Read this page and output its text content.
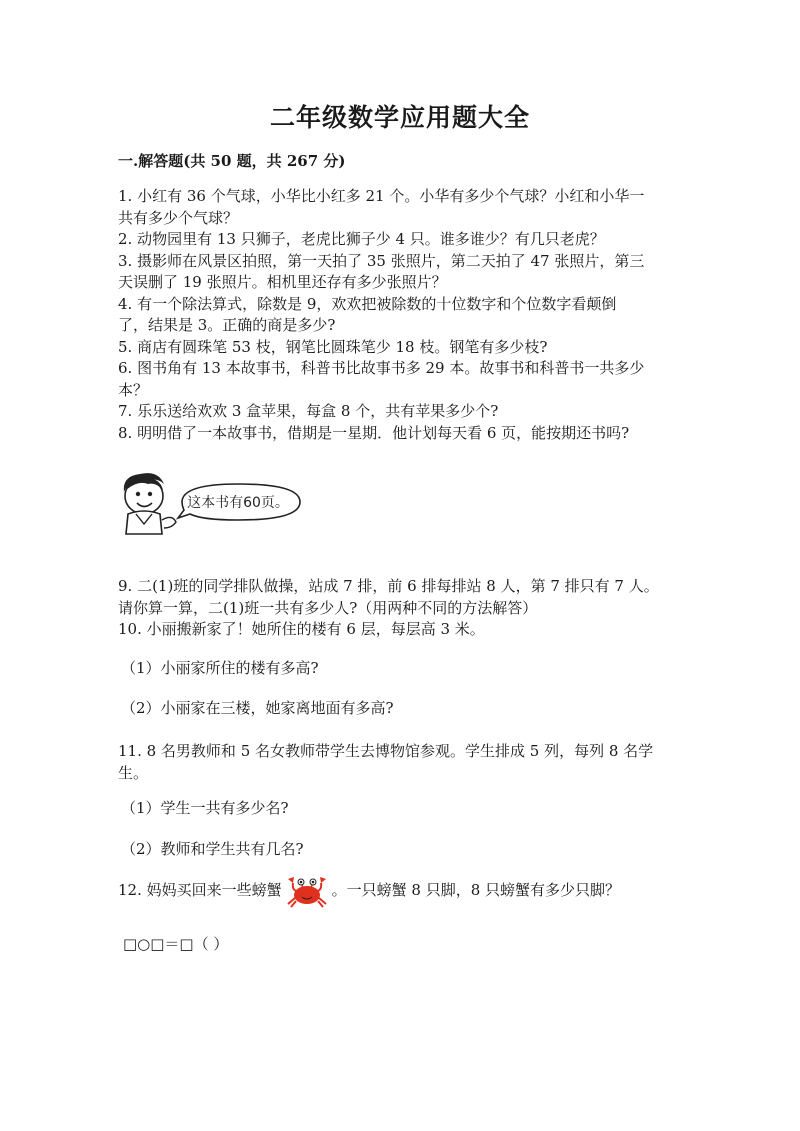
二年级数学应用题大全
一.解答题(共 50 题，共 267 分)
1. 小红有 36 个气球，小华比小红多 21 个。小华有多少个气球？小红和小华一
共有多少个气球？
2. 动物园里有 13 只狮子，老虎比狮子少 4 只。谁多谁少？有几只老虎？
3. 摄影师在风景区拍照，第一天拍了 35 张照片，第二天拍了 47 张照片，第三
天误删了 19 张照片。相机里还存有多少张照片？
4. 有一个除法算式，除数是 9，欢欢把被除数的十位数字和个位数字看颠倒
了，结果是 3。正确的商是多少?
5. 商店有圆珠笔 53 枝，钢笔比圆珠笔少 18 枝。钢笔有多少枝?
6. 图书角有 13 本故事书，科普书比故事书多 29 本。故事书和科普书一共多少
本？
7. 乐乐送给欢欢 3 盒苹果，每盒 8 个，共有苹果多少个?
8. 明明借了一本故事书，借期是一星期．他计划每天看 6 页，能按期还书吗?
这本书有60页。
9. 二(1)班的同学排队做操，站成 7 排，前 6 排每排站 8 人，第 7 排只有 7 人。
请你算一算，二(1)班一共有多少人?（用两种不同的方法解答）
10. 小丽搬新家了！她所住的楼有 6 层，每层高 3 米。
（1）小丽家所住的楼有多高?
（2）小丽家在三楼，她家离地面有多高?
11. 8 名男教师和 5 名女教师带学生去博物馆参观。学生排成 5 列，每列 8 名学
生。
（1）学生一共有多少名?
（2）教师和学生共有几名?
12. 妈妈买回来一些螃蟹	。一只螃蟹 8 只脚，8 只螃蟹有多少只脚？
□○□＝□（ ）
